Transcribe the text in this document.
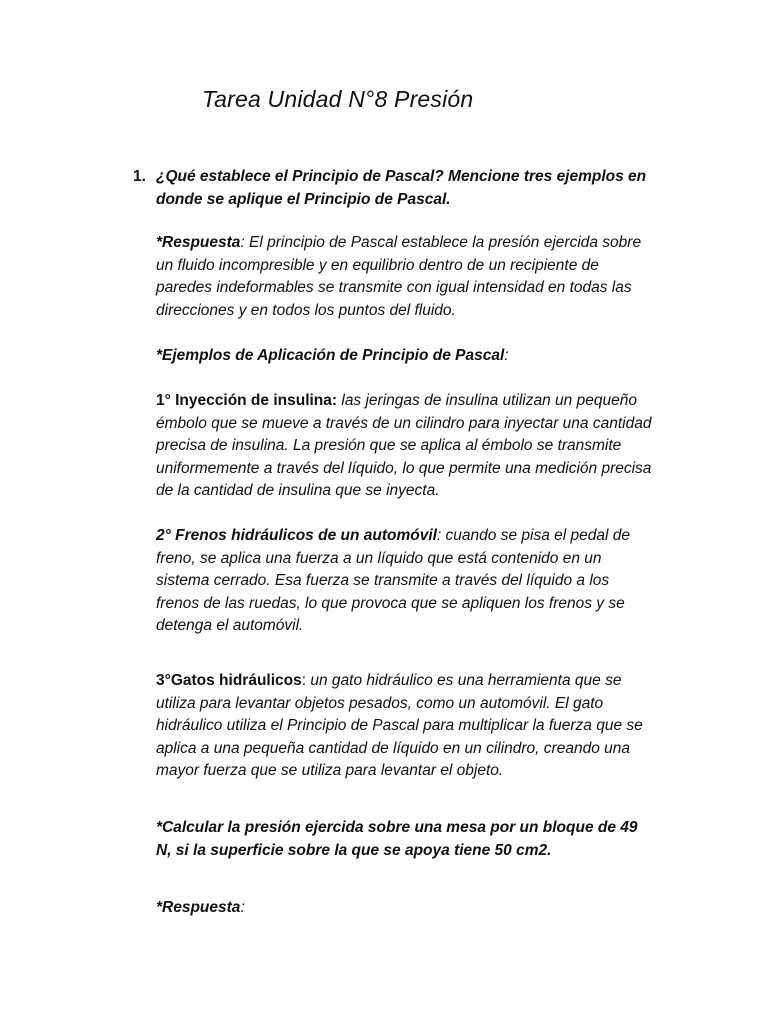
Tarea Unidad N°8 Presión
1. ¿Qué establece el Principio de Pascal? Mencione tres ejemplos en

donde se aplique el Principio de Pascal.

*Respuesta: El principio de Pascal establece la presión ejercida sobre un fluido incompresible y en equilibrio dentro de un recipiente de paredes indeformables se transmite con igual intensidad en todas las direcciones y en todos los puntos del fluido.

*Ejemplos de Aplicación de Principio de Pascal:

1° Inyección de insulina: las jeringas de insulina utilizan un pequeño émbolo que se mueve a través de un cilindro para inyectar una cantidad precisa de insulina. La presión que se aplica al émbolo se transmite uniformemente a través del líquido, lo que permite una medición precisa de la cantidad de insulina que se inyecta.

2° Frenos hidráulicos de un automóvil: cuando se pisa el pedal de freno, se aplica una fuerza a un líquido que está contenido en un sistema cerrado. Esa fuerza se transmite a través del líquido a los frenos de las ruedas, lo que provoca que se apliquen los frenos y se detenga el automóvil.

3°Gatos hidráulicos: un gato hidráulico es una herramienta que se utiliza para levantar objetos pesados, como un automóvil. El gato hidráulico utiliza el Principio de Pascal para multiplicar la fuerza que se aplica a una pequeña cantidad de líquido en un cilindro, creando una mayor fuerza que se utiliza para levantar el objeto.

*Calcular la presión ejercida sobre una mesa por un bloque de 49 N, si la superficie sobre la que se apoya tiene 50 cm2.

*Respuesta:
